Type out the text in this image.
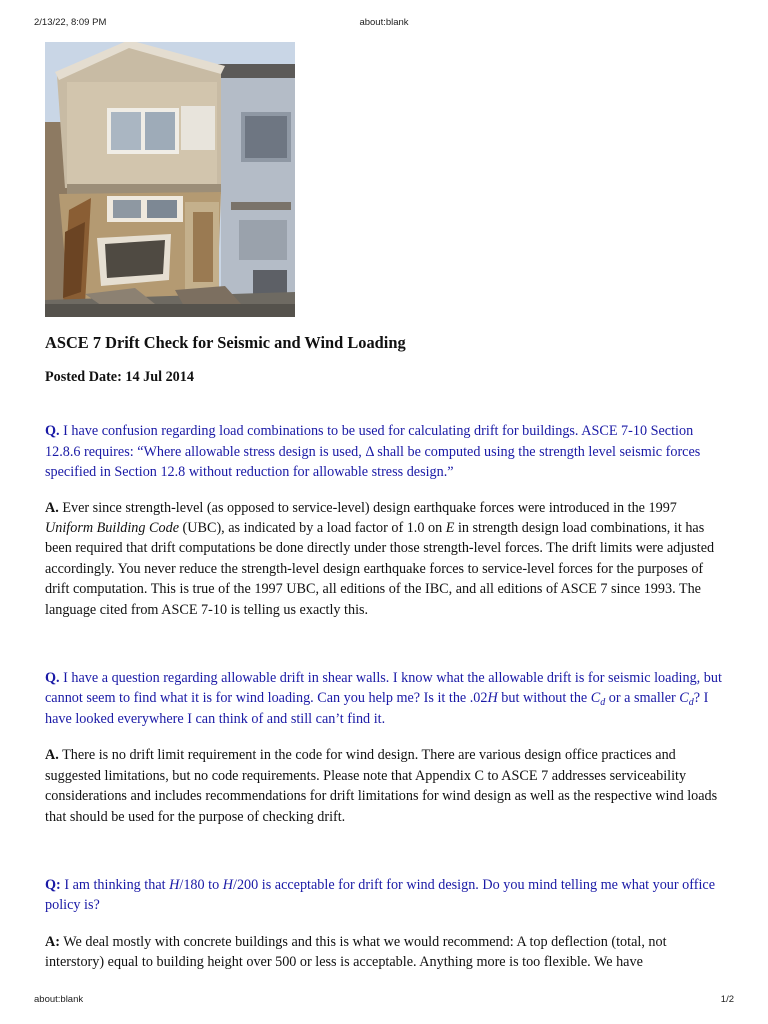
2/13/22, 8:09 PM	about:blank
ASCE 7 Drift Check for Seismic and Wind Loading

Posted Date: 14 Jul 2014

Q. I have confusion regarding load combinations to be used for calculating drift for buildings. ASCE 7-10 Section 12.8.6 requires: “Where allowable stress design is used, Δ shall be computed using the strength level seismic forces specified in Section 12.8 without reduction for allowable stress design.”

A. Ever since strength-level (as opposed to service-level) design earthquake forces were introduced in the 1997 Uniform Building Code (UBC), as indicated by a load factor of 1.0 on E in strength design load combinations, it has been required that drift computations be done directly under those strength-level forces. The drift limits were adjusted accordingly. You never reduce the strength-level design earthquake forces to service-level forces for the purposes of drift computation. This is true of the 1997 UBC, all editions of the IBC, and all editions of ASCE 7 since 1993. The language cited from ASCE 7-10 is telling us exactly this.

Q. I have a question regarding allowable drift in shear walls. I know what the allowable drift is for seismic loading, but cannot seem to find what it is for wind loading. Can you help me? Is it the .02H but without the $C_d$ or a smaller $C_d$? I have looked everywhere I can think of and still can’t find it.

A. There is no drift limit requirement in the code for wind design. There are various design office practices and suggested limitations, but no code requirements. Please note that Appendix C to ASCE 7 addresses serviceability considerations and includes recommendations for drift limitations for wind design as well as the respective wind loads that should be used for the purpose of checking drift.

Q: I am thinking that H/180 to H/200 is acceptable for drift for wind design. Do you mind telling me what your office policy is?

A: We deal mostly with concrete buildings and this is what we would recommend: A top deflection (total, not interstory) equal to building height over 500 or less is acceptable. Anything more is too flexible. We have

about:blank	1/2
